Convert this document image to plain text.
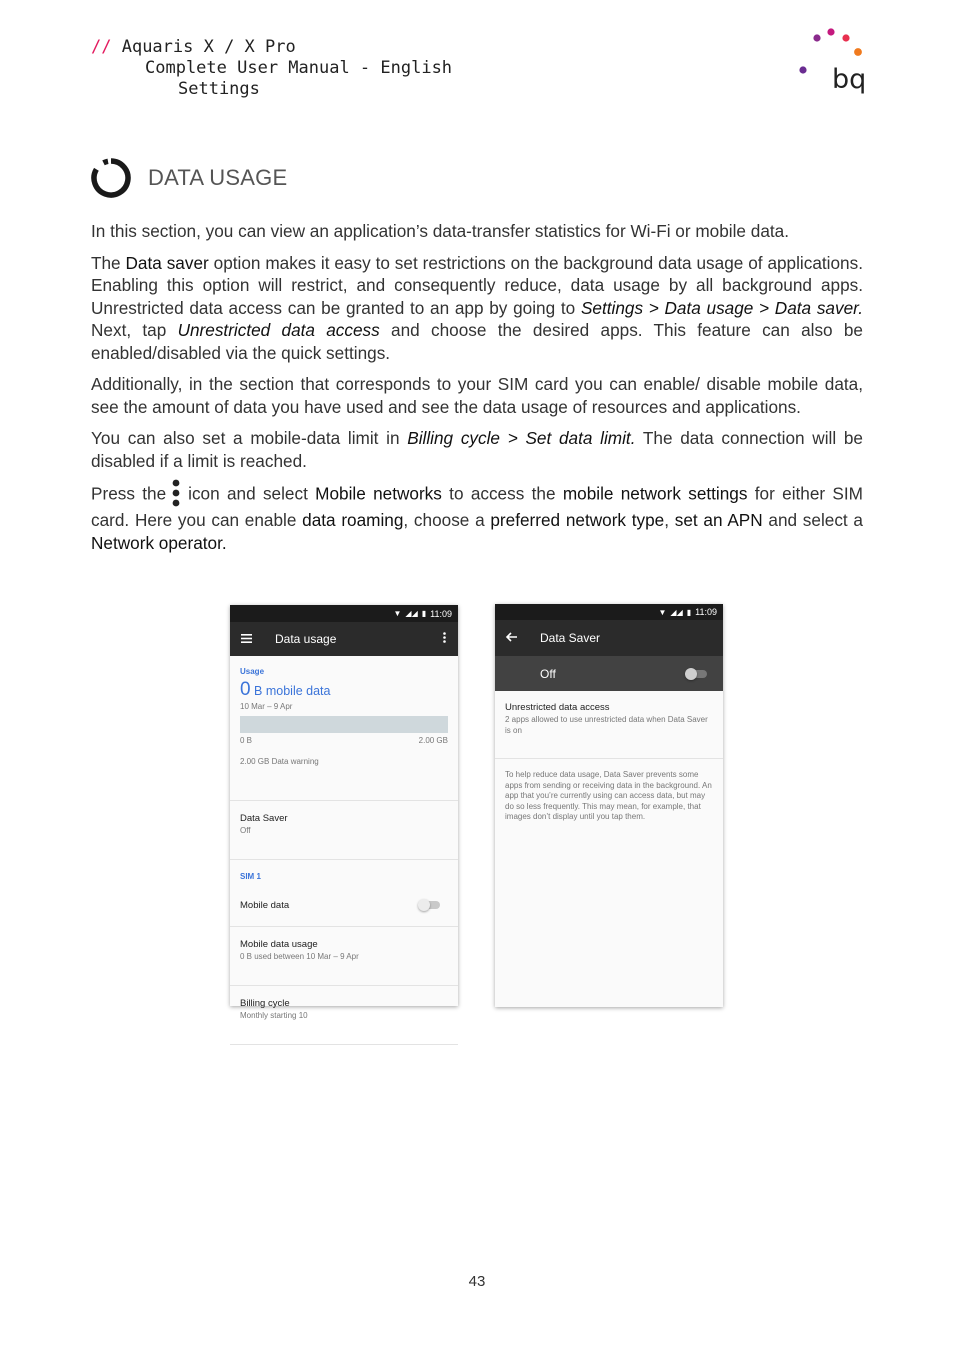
// Aquaris X / X Pro
Complete User Manual - English
Settings	bq
DATA USAGE

In this section, you can view an application’s data-transfer statistics for Wi-Fi or mobile data.

The Data saver option makes it easy to set restrictions on the background data usage of applications. Enabling this option will restrict, and consequently reduce, data usage by all background apps. Unrestricted data access can be granted to an app by going to Settings > Data usage > Data saver. Next, tap Unrestricted data access and choose the desired apps. This feature can also be enabled/disabled via the quick settings.

Additionally, in the section that corresponds to your SIM card you can enable/ disable mobile data, see the amount of data you have used and see the data usage of resources and applications.

You can also set a mobile-data limit in Billing cycle > Set data limit. The data connection will be disabled if a limit is reached.

Press the icon and select Mobile networks to access the mobile network settings for either SIM card. Here you can enable data roaming, choose a preferred network type, set an APN and select a Network operator.

▼ ◢◢ ▮ 11:09
Data usage
Usage
0 B mobile data
10 Mar – 9 Apr
0 B	2.00 GB
2.00 GB Data warning
Data Saver
Off
SIM 1
Mobile data
Mobile data usage
0 B used between 10 Mar – 9 Apr
Billing cycle
Monthly starting 10
▼ ◢◢ ▮ 11:09
Data Saver
Off
Unrestricted data access
2 apps allowed to use unrestricted data when Data Saver is on
To help reduce data usage, Data Saver prevents some apps from sending or receiving data in the background. An app that you’re currently using can access data, but may do so less frequently. This may mean, for example, that images don’t display until you tap them.
43
